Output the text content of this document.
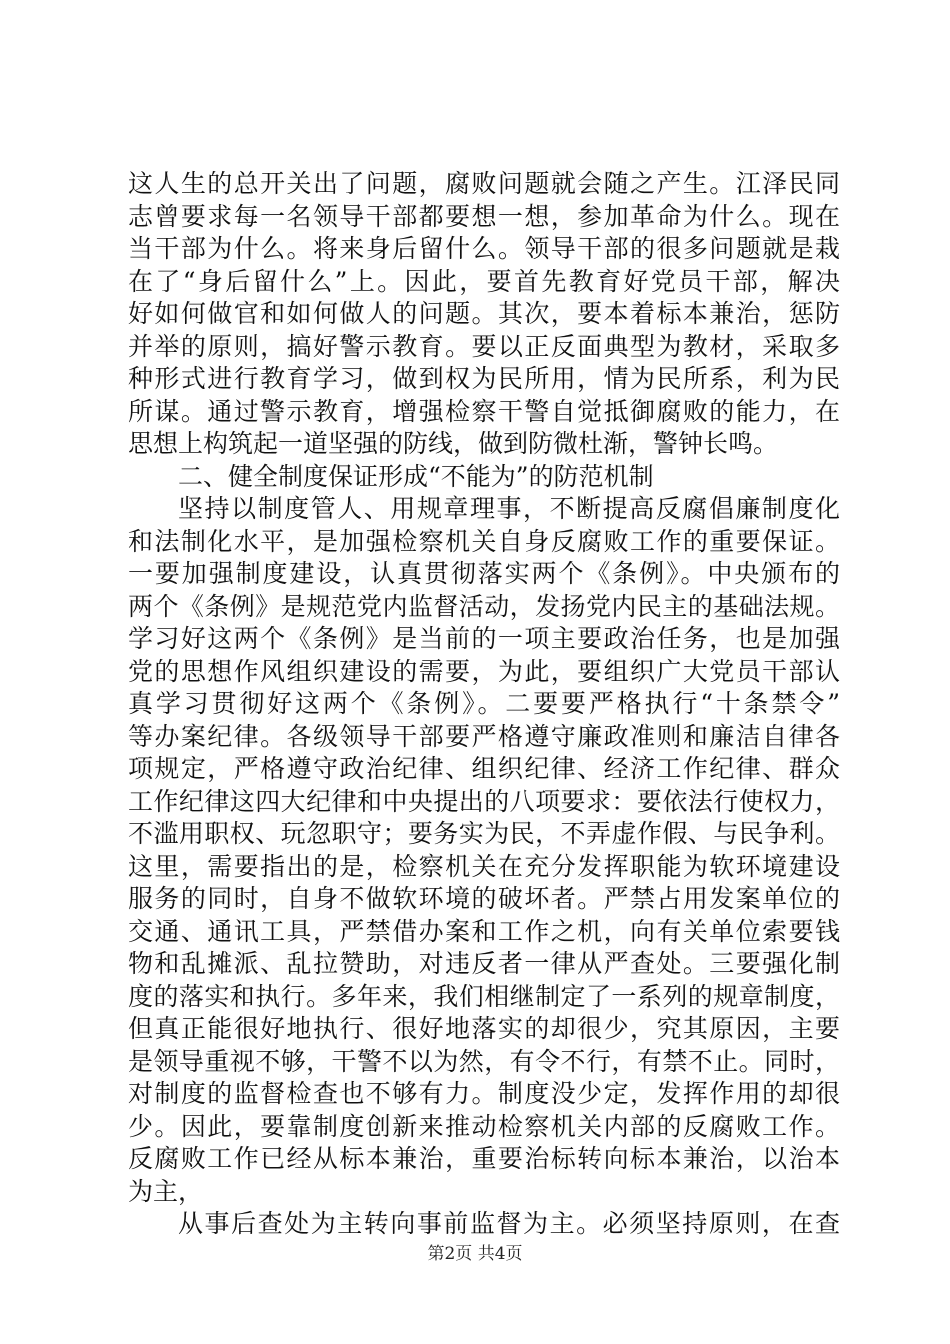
这人生的总开关出了问题，腐败问题就会随之产生。江泽民同
志曾要求每一名领导干部都要想一想，参加革命为什么。现在
当干部为什么。将来身后留什么。领导干部的很多问题就是栽
在了“身后留什么”上。因此，要首先教育好党员干部，解决
好如何做官和如何做人的问题。其次，要本着标本兼治，惩防
并举的原则，搞好警示教育。要以正反面典型为教材，采取多
种形式进行教育学习，做到权为民所用，情为民所系，利为民
所谋。通过警示教育，增强检察干警自觉抵御腐败的能力，在
思想上构筑起一道坚强的防线，做到防微杜渐，警钟长鸣。
二、健全制度保证形成“不能为”的防范机制
坚持以制度管人、用规章理事，不断提高反腐倡廉制度化
和法制化水平，是加强检察机关自身反腐败工作的重要保证。
一要加强制度建设，认真贯彻落实两个《条例》。中央颁布的
两个《条例》是规范党内监督活动，发扬党内民主的基础法规。
学习好这两个《条例》是当前的一项主要政治任务，也是加强
党的思想作风组织建设的需要，为此，要组织广大党员干部认
真学习贯彻好这两个《条例》。二要要严格执行“十条禁令”
等办案纪律。各级领导干部要严格遵守廉政准则和廉洁自律各
项规定，严格遵守政治纪律、组织纪律、经济工作纪律、群众
工作纪律这四大纪律和中央提出的八项要求：要依法行使权力，
不滥用职权、玩忽职守；要务实为民，不弄虚作假、与民争利。
这里，需要指出的是，检察机关在充分发挥职能为软环境建设
服务的同时，自身不做软环境的破坏者。严禁占用发案单位的
交通、通讯工具，严禁借办案和工作之机，向有关单位索要钱
物和乱摊派、乱拉赞助，对违反者一律从严查处。三要强化制
度的落实和执行。多年来，我们相继制定了一系列的规章制度，
但真正能很好地执行、很好地落实的却很少，究其原因，主要
是领导重视不够，干警不以为然，有令不行，有禁不止。同时，
对制度的监督检查也不够有力。制度没少定，发挥作用的却很
少。因此，要靠制度创新来推动检察机关内部的反腐败工作。
反腐败工作已经从标本兼治，重要治标转向标本兼治，以治本
为主，
从事后查处为主转向事前监督为主。必须坚持原则，在查
第2页 共4页
